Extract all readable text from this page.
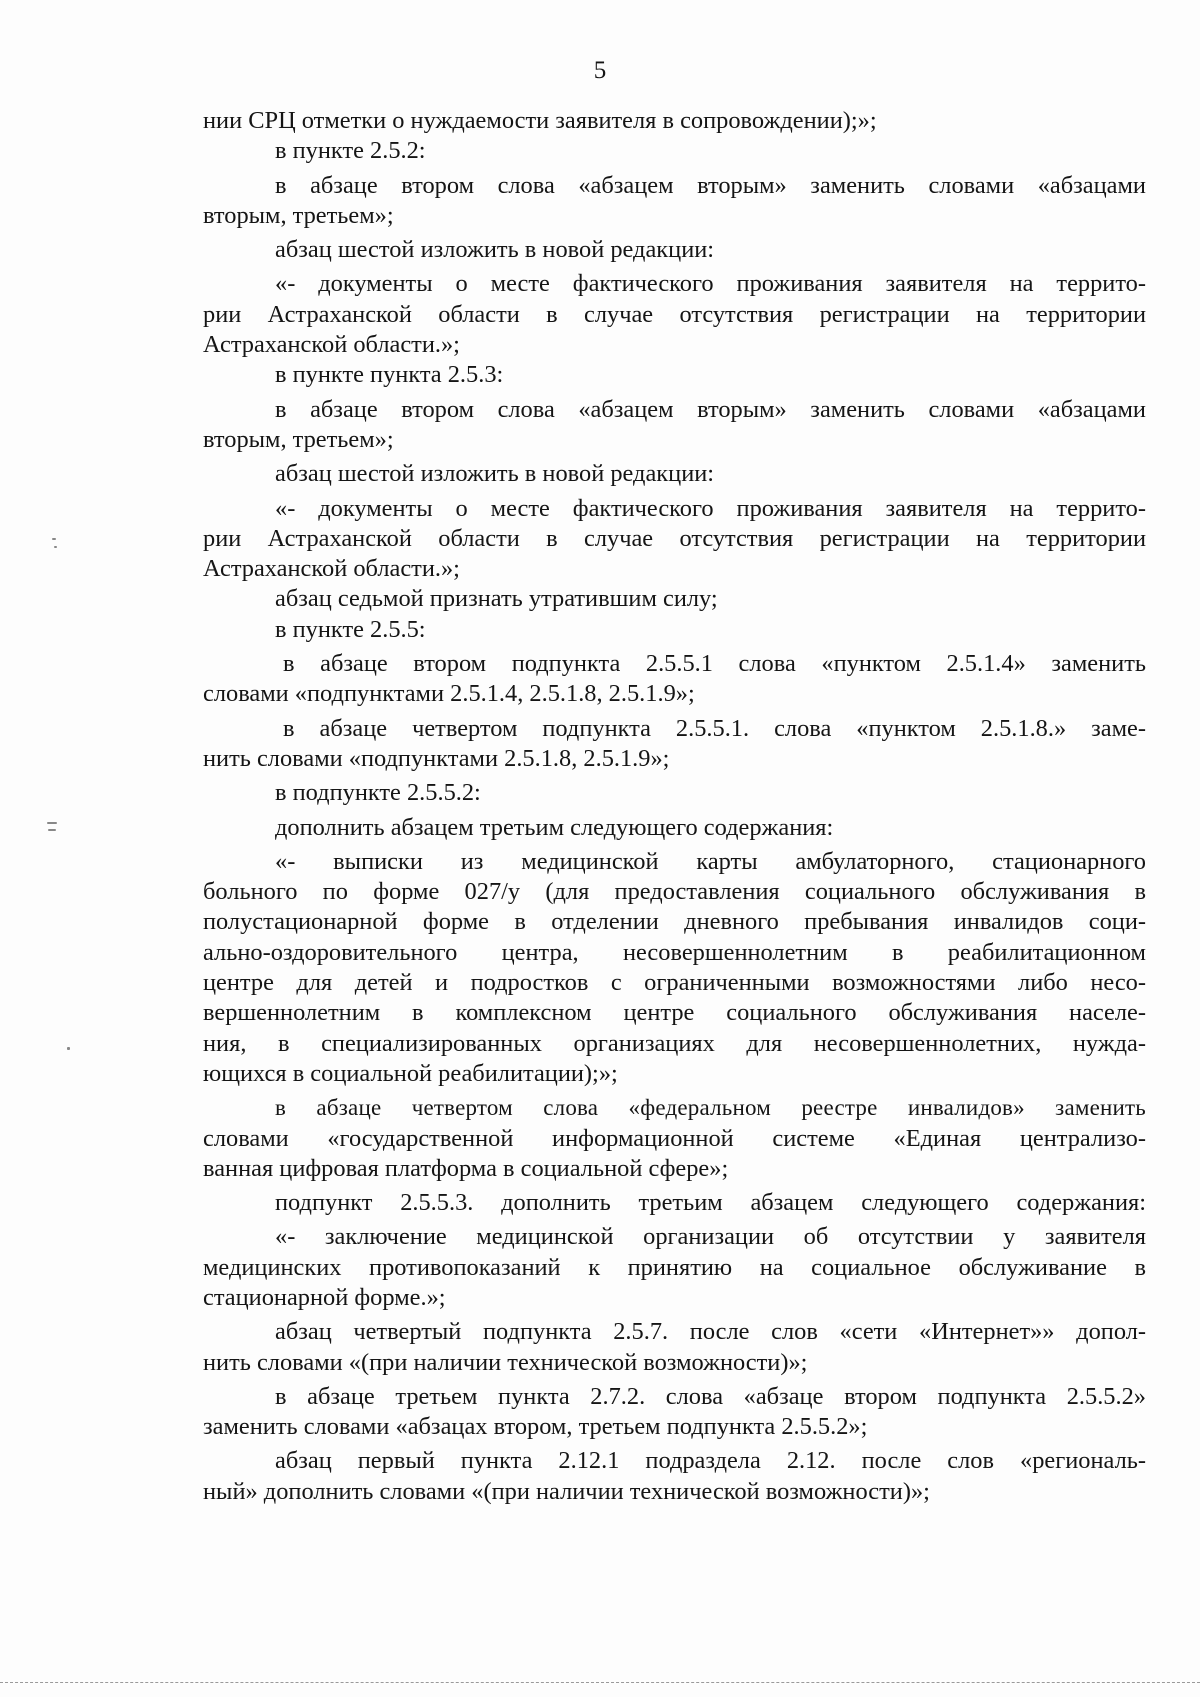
5
нии СРЦ отметки о нуждаемости заявителя в сопровождении);»;
в пункте 2.5.2:
в абзаце втором слова «абзацем вторым» заменить словами «абзацами
вторым, третьем»;
абзац шестой изложить в новой редакции:
«- документы о месте фактического проживания заявителя на террито-
рии Астраханской области в случае отсутствия регистрации на территории
Астраханской области.»;
в пункте пункта 2.5.3:
в абзаце втором слова «абзацем вторым» заменить словами «абзацами
вторым, третьем»;
абзац шестой изложить в новой редакции:
«- документы о месте фактического проживания заявителя на террито-
рии Астраханской области в случае отсутствия регистрации на территории
Астраханской области.»;
абзац седьмой признать утратившим силу;
в пункте 2.5.5:
в абзаце втором подпункта 2.5.5.1 слова «пунктом 2.5.1.4» заменить
словами «подпунктами 2.5.1.4, 2.5.1.8, 2.5.1.9»;
в абзаце четвертом подпункта 2.5.5.1. слова «пунктом 2.5.1.8.» заме-
нить словами «подпунктами 2.5.1.8, 2.5.1.9»;
в подпункте 2.5.5.2:
дополнить абзацем третьим следующего содержания:
«- выписки из медицинской карты амбулаторного, стационарного
больного по форме 027/у (для предоставления социального обслуживания в
полустационарной форме в отделении дневного пребывания инвалидов соци-
ально-оздоровительного центра, несовершеннолетним в реабилитационном
центре для детей и подростков с ограниченными возможностями либо несо-
вершеннолетним в комплексном центре социального обслуживания населе-
ния, в специализированных организациях для несовершеннолетних, нужда-
ющихся в социальной реабилитации);»;
в абзаце четвертом слова «федеральном реестре инвалидов» заменить
словами «государственной информационной системе «Единая централизо-
ванная цифровая платформа в социальной сфере»;
подпункт 2.5.5.3. дополнить третьим абзацем следующего содержания:
«- заключение медицинской организации об отсутствии у заявителя
медицинских противопоказаний к принятию на социальное обслуживание в
стационарной форме.»;
абзац четвертый подпункта 2.5.7. после слов «сети «Интернет»» допол-
нить словами «(при наличии технической возможности)»;
в абзаце третьем пункта 2.7.2. слова «абзаце втором подпункта 2.5.5.2»
заменить словами «абзацах втором, третьем подпункта 2.5.5.2»;
абзац первый пункта 2.12.1 подраздела 2.12. после слов «региональ-
ный» дополнить словами «(при наличии технической возможности)»;
